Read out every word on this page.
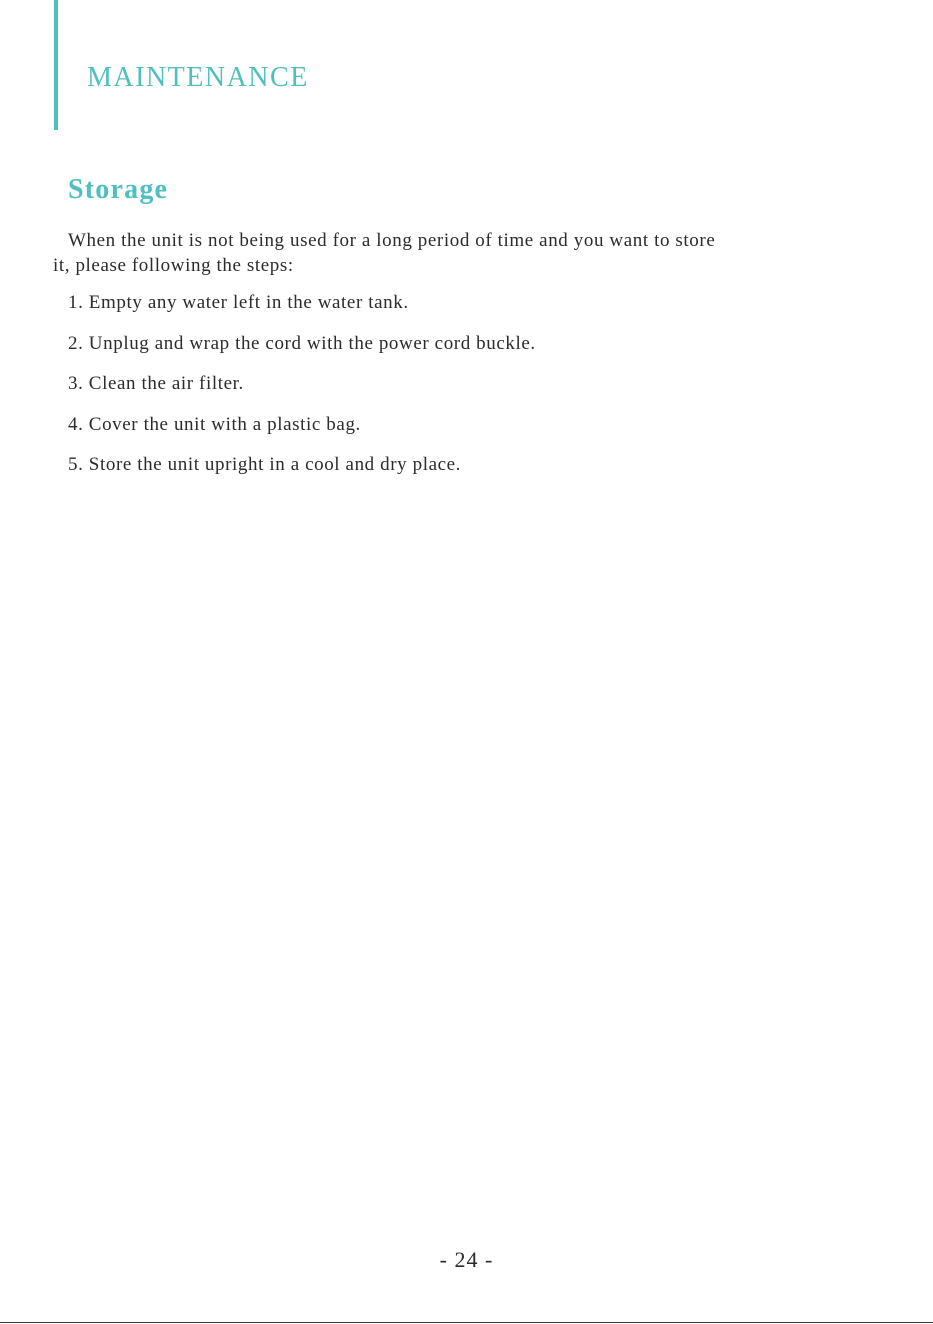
MAINTENANCE
Storage

When the unit is not being used for a long period of time and you want to store
it, please following the steps:

1. Empty any water left in the water tank.
2. Unplug and wrap the cord with the power cord buckle.
3. Clean the air filter.
4. Cover the unit with a plastic bag.
5. Store the unit upright in a cool and dry place.
- 24 -
